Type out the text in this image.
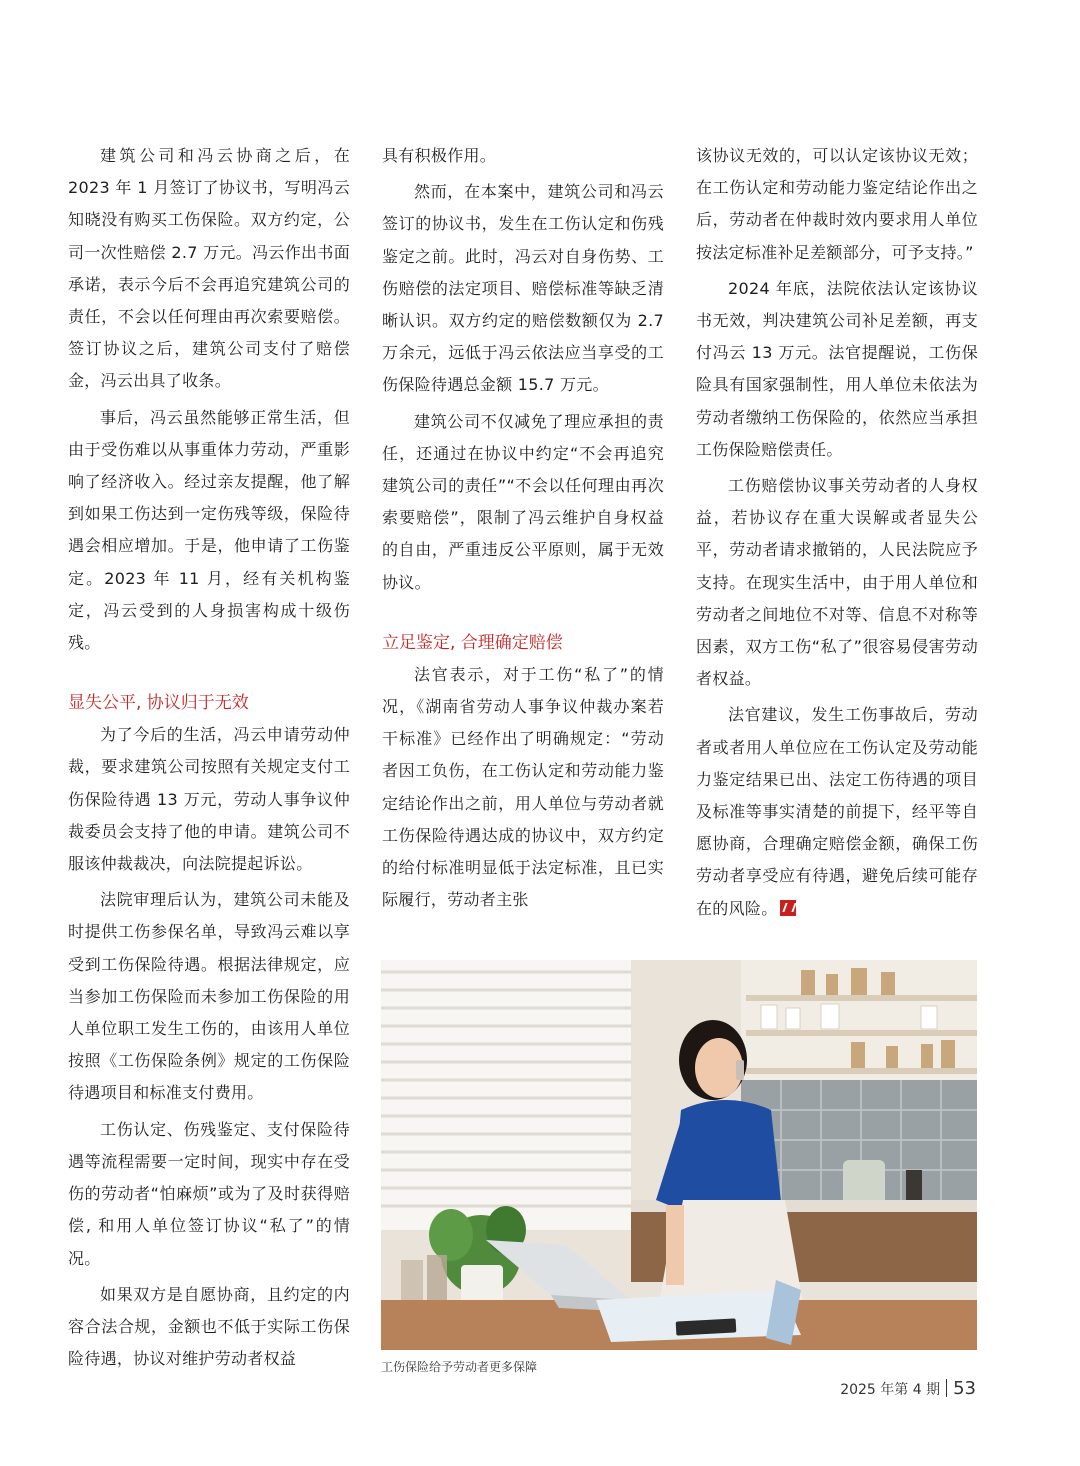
建筑公司和冯云协商之后，在2023 年 1 月签订了协议书，写明冯云知晓没有购买工伤保险。双方约定，公司一次性赔偿 2.7 万元。冯云作出书面承诺，表示今后不会再追究建筑公司的责任，不会以任何理由再次索要赔偿。签订协议之后，建筑公司支付了赔偿金，冯云出具了收条。

事后，冯云虽然能够正常生活，但由于受伤难以从事重体力劳动，严重影响了经济收入。经过亲友提醒，他了解到如果工伤达到一定伤残等级，保险待遇会相应增加。于是，他申请了工伤鉴定。2023 年 11 月，经有关机构鉴定，冯云受到的人身损害构成十级伤残。

显失公平, 协议归于无效

为了今后的生活，冯云申请劳动仲裁，要求建筑公司按照有关规定支付工伤保险待遇 13 万元，劳动人事争议仲裁委员会支持了他的申请。建筑公司不服该仲裁裁决，向法院提起诉讼。

法院审理后认为，建筑公司未能及时提供工伤参保名单，导致冯云难以享受到工伤保险待遇。根据法律规定，应当参加工伤保险而未参加工伤保险的用人单位职工发生工伤的，由该用人单位按照《工伤保险条例》规定的工伤保险待遇项目和标准支付费用。

工伤认定、伤残鉴定、支付保险待遇等流程需要一定时间，现实中存在受伤的劳动者“怕麻烦”或为了及时获得赔偿, 和用人单位签订协议“私了”的情况。

如果双方是自愿协商，且约定的内容合法合规，金额也不低于实际工伤保险待遇，协议对维护劳动者权益

具有积极作用。

然而，在本案中，建筑公司和冯云签订的协议书，发生在工伤认定和伤残鉴定之前。此时，冯云对自身伤势、工伤赔偿的法定项目、赔偿标准等缺乏清晰认识。双方约定的赔偿数额仅为 2.7 万余元，远低于冯云依法应当享受的工伤保险待遇总金额 15.7 万元。

建筑公司不仅减免了理应承担的责任，还通过在协议中约定“不会再追究建筑公司的责任”“不会以任何理由再次索要赔偿”，限制了冯云维护自身权益的自由，严重违反公平原则，属于无效协议。

立足鉴定, 合理确定赔偿

法官表示，对于工伤“私了”的情况，《湖南省劳动人事争议仲裁办案若干标准》已经作出了明确规定：“劳动者因工负伤，在工伤认定和劳动能力鉴定结论作出之前，用人单位与劳动者就工伤保险待遇达成的协议中，双方约定的给付标准明显低于法定标准，且已实际履行，劳动者主张

该协议无效的，可以认定该协议无效；在工伤认定和劳动能力鉴定结论作出之后，劳动者在仲裁时效内要求用人单位按法定标准补足差额部分，可予支持。”

2024 年底，法院依法认定该协议书无效，判决建筑公司补足差额，再支付冯云 13 万元。法官提醒说，工伤保险具有国家强制性，用人单位未依法为劳动者缴纳工伤保险的，依然应当承担工伤保险赔偿责任。

工伤赔偿协议事关劳动者的人身权益，若协议存在重大误解或者显失公平，劳动者请求撤销的，人民法院应予支持。在现实生活中，由于用人单位和劳动者之间地位不对等、信息不对称等因素，双方工伤“私了”很容易侵害劳动者权益。

法官建议，发生工伤事故后，劳动者或者用人单位应在工伤认定及劳动能力鉴定结果已出、法定工伤待遇的项目及标准等事实清楚的前提下，经平等自愿协商，合理确定赔偿金额，确保工伤劳动者享受应有待遇，避免后续可能存在的风险。

工伤保险给予劳动者更多保障
2025 年第 4 期 53
